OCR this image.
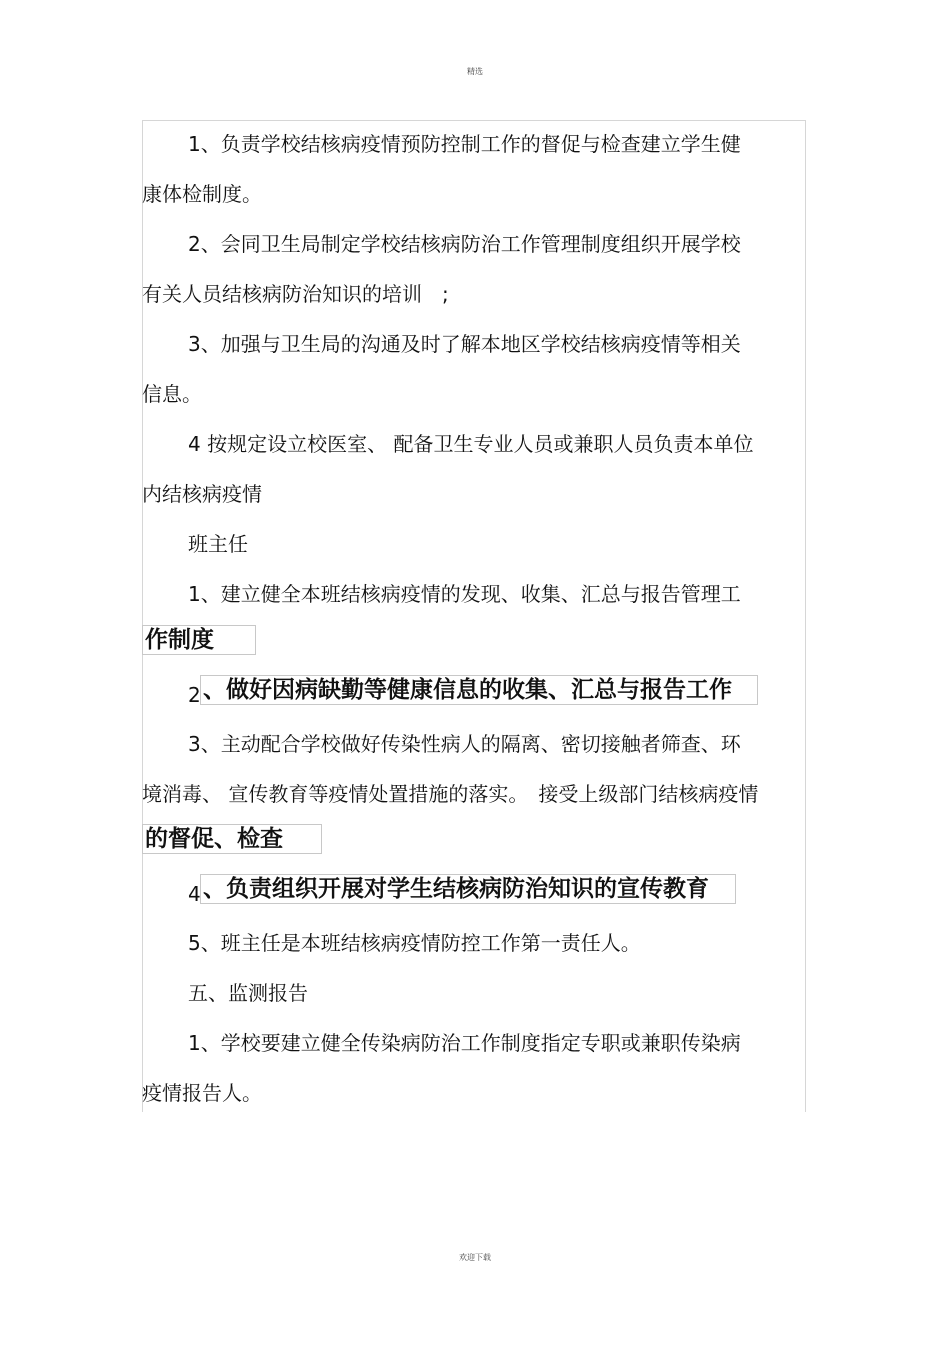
精选
1、负责学校结核病疫情预防控制工作的督促与检查建立学生健
康体检制度。
2、会同卫生局制定学校结核病防治工作管理制度组织开展学校
有关人员结核病防治知识的培训　;
3、加强与卫生局的沟通及时了解本地区学校结核病疫情等相关
信息。
4 按规定设立校医室、 配备卫生专业人员或兼职人员负责本单位
内结核病疫情
班主任
1、建立健全本班结核病疫情的发现、收集、汇总与报告管理工
作制度
2 、做好因病缺勤等健康信息的收集、汇总与报告工作
3、主动配合学校做好传染性病人的隔离、密切接触者筛查、环
境消毒、 宣传教育等疫情处置措施的落实。　接受上级部门结核病疫情
的督促、检查
4 、负责组织开展对学生结核病防治知识的宣传教育
5、班主任是本班结核病疫情防控工作第一责任人。
五、监测报告
1、学校要建立健全传染病防治工作制度指定专职或兼职传染病
疫情报告人。
欢迎下载
